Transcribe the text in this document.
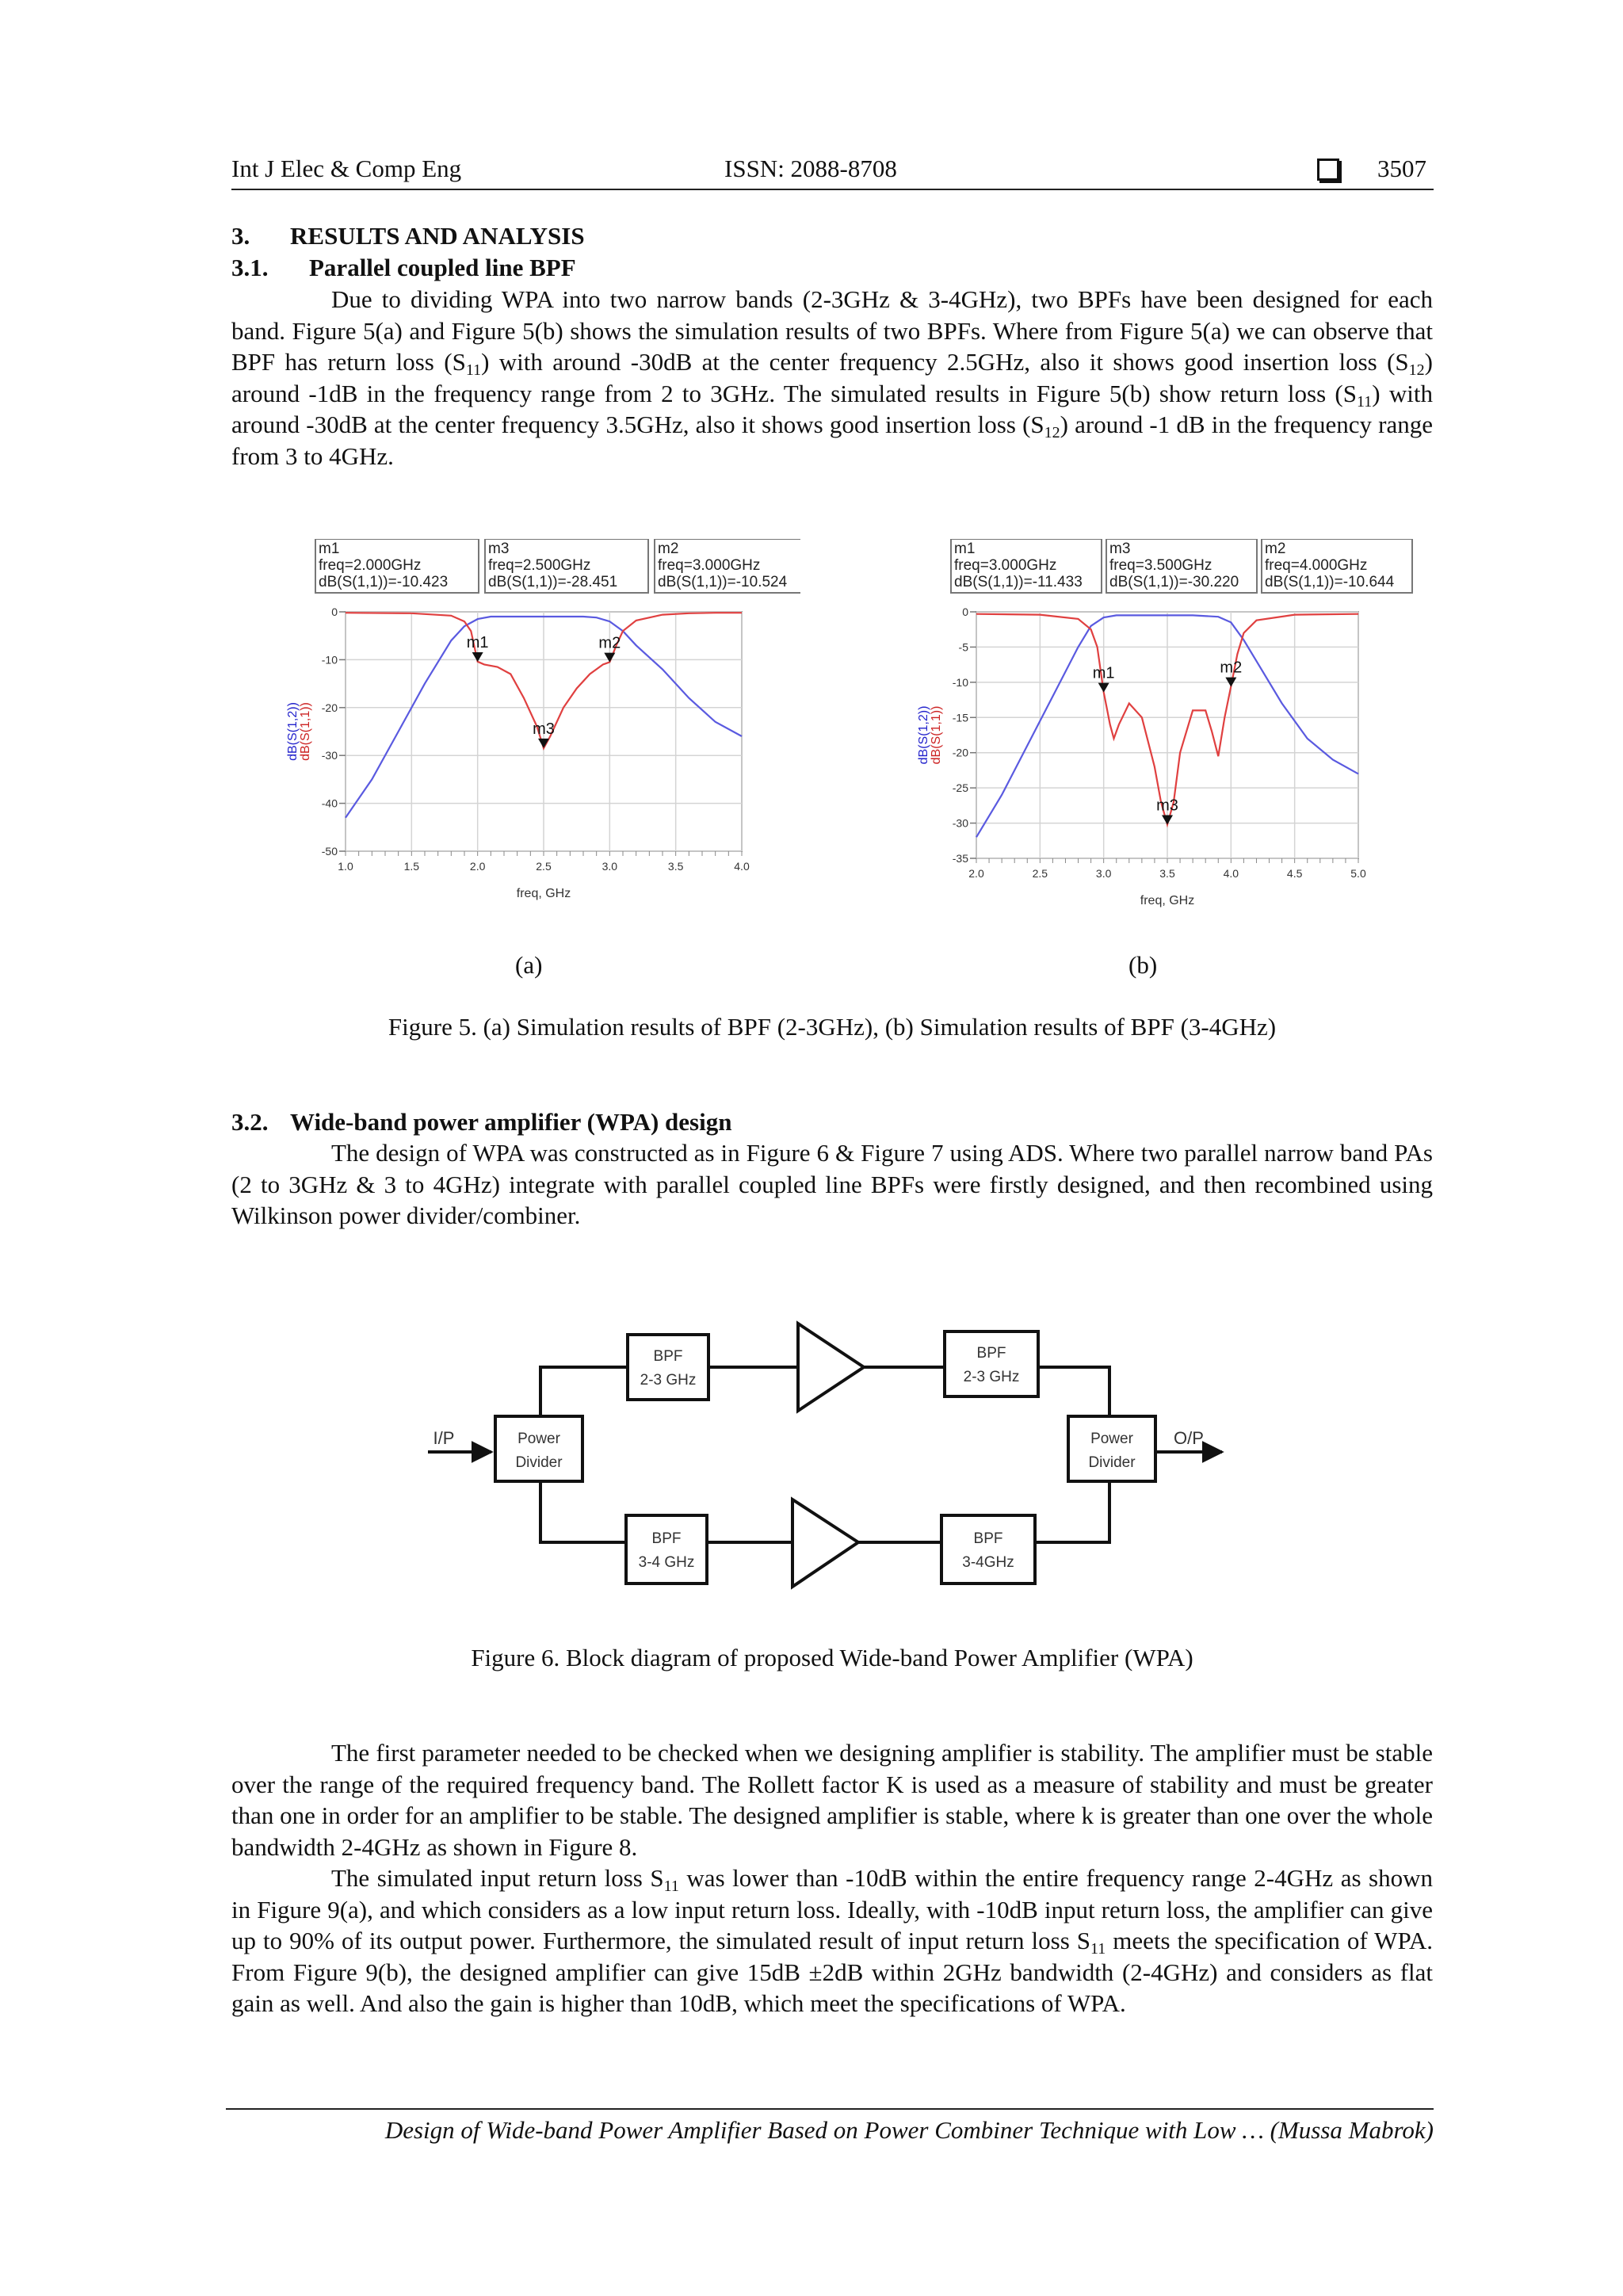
Int J Elec & Comp Eng	ISSN: 2088-8708	3507
3. RESULTS AND ANALYSIS
3.1. Parallel coupled line BPF

Due to dividing WPA into two narrow bands (2-3GHz & 3-4GHz), two BPFs have been designed for each band. Figure 5(a) and Figure 5(b) shows the simulation results of two BPFs. Where from Figure 5(a) we can observe that BPF has return loss $(S_{11})$ with around -30dB at the center frequency 2.5GHz, also it shows good insertion loss $(S_{12})$ around -1dB in the frequency range from 2 to 3GHz. The simulated results in Figure 5(b) show return loss $(S_{11})$ with around -30dB at the center frequency 3.5GHz, also it shows good insertion loss $(S_{12})$ around -1 dB in the frequency range from 3 to 4GHz.

m1
freq=2.000GHz
dB(S(1,1))=-10.423
m3
freq=2.500GHz
dB(S(1,1))=-28.451
m2
freq=3.000GHz
dB(S(1,1))=-10.524
1.0	1.5	2.0	2.5	3.0	3.5	4.0
0
-10
-20
-30
-40
-50
m1
m3
m2
freq, GHz
dB(S(1,2)) dB(S(1,1))
m1
freq=3.000GHz
dB(S(1,1))=-11.433
m3
freq=3.500GHz
dB(S(1,1))=-30.220
m2
freq=4.000GHz
dB(S(1,1))=-10.644
2.0	2.5	3.0	3.5	4.0	4.5	5.0
0
-5
-10
-15
-20
-25
-30
-35
m1
m3
m2
freq, GHz
dB(S(1,2)) dB(S(1,1))
(a)	(b)
Figure 5. (a) Simulation results of BPF (2-3GHz), (b) Simulation results of BPF (3-4GHz)
3.2. Wide-band power amplifier (WPA) design

The design of WPA was constructed as in Figure 6 & Figure 7 using ADS. Where two parallel narrow band PAs (2 to 3GHz & 3 to 4GHz) integrate with parallel coupled line BPFs were firstly designed, and then recombined using Wilkinson power divider/combiner.

I/P	O/P
Power
Divider
Power
Divider
BPF
2-3 GHz
BPF
2-3 GHz
BPF
3-4 GHz
BPF
3-4GHz
Figure 6. Block diagram of proposed Wide-band Power Amplifier (WPA)

The first parameter needed to be checked when we designing amplifier is stability. The amplifier must be stable over the range of the required frequency band. The Rollett factor K is used as a measure of stability and must be greater than one in order for an amplifier to be stable. The designed amplifier is stable, where k is greater than one over the whole bandwidth 2-4GHz as shown in Figure 8.

The simulated input return loss $S_{11}$ was lower than -10dB within the entire frequency range 2-4GHz as shown in Figure 9(a), and which considers as a low input return loss. Ideally, with -10dB input return loss, the amplifier can give up to 90% of its output power. Furthermore, the simulated result of input return loss $S_{11}$ meets the specification of WPA. From Figure 9(b), the designed amplifier can give 15dB ±2dB within 2GHz bandwidth (2-4GHz) and considers as flat gain as well. And also the gain is higher than 10dB, which meet the specifications of WPA.

Design of Wide-band Power Amplifier Based on Power Combiner Technique with Low … (Mussa Mabrok)
